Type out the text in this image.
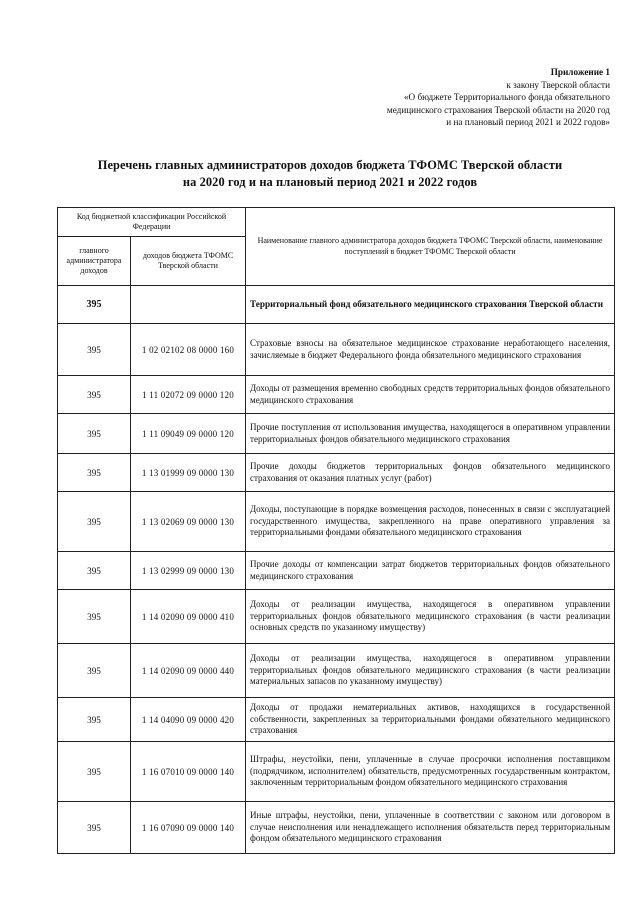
Приложение 1
к закону Тверской области
«О бюджете Территориального фонда обязательного
медицинского страхования Тверской области на 2020 год
и на плановый период 2021 и 2022 годов»
Перечень главных администраторов доходов бюджета ТФОМС Тверской области
на 2020 год и на плановый период 2021 и 2022 годов
Код бюджетной классификации Российской Федерации		Наименование главного администратора доходов бюджета ТФОМС Тверской области, наименование поступлений в бюджет ТФОМС Тверской области
главного администратора доходов	доходов бюджета ТФОМС Тверской области	
395		Территориальный фонд обязательного медицинского страхования Тверской области
395	1 02 02102 08 0000 160	Страховые взносы на обязательное медицинское страхование неработающего населения, зачисляемые в бюджет Федерального фонда обязательного медицинского страхования
395	1 11 02072 09 0000 120	Доходы от размещения временно свободных средств территориальных фондов обязательного медицинского страхования
395	1 11 09049 09 0000 120	Прочие поступления от использования имущества, находящегося в оперативном управлении территориальных фондов обязательного медицинского страхования
395	1 13 01999 09 0000 130	Прочие доходы бюджетов территориальных фондов обязательного медицинского страхования от оказания платных услуг (работ)
395	1 13 02069 09 0000 130	Доходы, поступающие в порядке возмещения расходов, понесенных в связи с эксплуатацией государственного имущества, закрепленного на праве оперативного управления за территориальными фондами обязательного медицинского страхования
395	1 13 02999 09 0000 130	Прочие доходы от компенсации затрат бюджетов территориальных фондов обязательного медицинского страхования
395	1 14 02090 09 0000 410	Доходы от реализации имущества, находящегося в оперативном управлении территориальных фондов обязательного медицинского страхования (в части реализации основных средств по указанному имуществу)
395	1 14 02090 09 0000 440	Доходы от реализации имущества, находящегося в оперативном управлении территориальных фондов обязательного медицинского страхования (в части реализации материальных запасов по указанному имуществу)
395	1 14 04090 09 0000 420	Доходы от продажи нематериальных активов, находящихся в государственной собственности, закрепленных за территориальными фондами обязательного медицинского страхования
395	1 16 07010 09 0000 140	Штрафы, неустойки, пени, уплаченные в случае просрочки исполнения поставщиком (подрядчиком, исполнителем) обязательств, предусмотренных государственным контрактом, заключенным территориальным фондом обязательного медицинского страхования
395	1 16 07090 09 0000 140	Иные штрафы, неустойки, пени, уплаченные в соответствии с законом или договором в случае неисполнения или ненадлежащего исполнения обязательств перед территориальным фондом обязательного медицинского страхования
